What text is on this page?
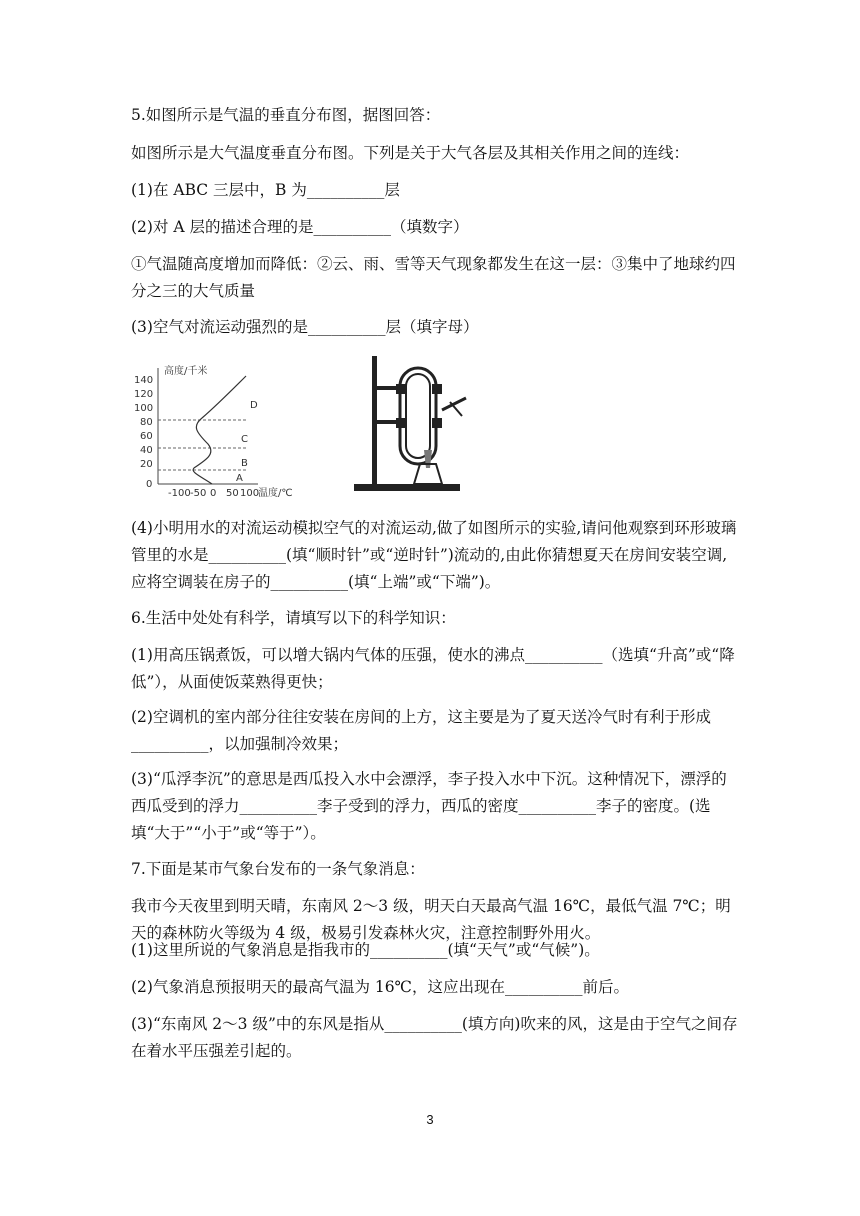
5.如图所示是气温的垂直分布图，据图回答：
如图所示是大气温度垂直分布图。下列是关于大气各层及其相关作用之间的连线：
(1)在 ABC 三层中，B 为__________层
(2)对 A 层的描述合理的是__________（填数字）
①气温随高度增加而降低：②云、雨、雪等天气现象都发生在这一层：③集中了地球约四分之三的大气质量
(3)空气对流运动强烈的是__________层（填字母）
高度/千米
温度/℃
140
120
100
80
60
40
20
0
-100 -50 0 50 100
D
C
B
A
(4)小明用水的对流运动模拟空气的对流运动,做了如图所示的实验,请问他观察到环形玻璃管里的水是__________(填“顺时针”或“逆时针”)流动的,由此你猜想夏天在房间安装空调,应将空调装在房子的__________(填“上端”或“下端”)。
6.生活中处处有科学，请填写以下的科学知识：
(1)用高压锅煮饭，可以增大锅内气体的压强，使水的沸点__________（选填“升高”或“降低”），从面使饭菜熟得更快；
(2)空调机的室内部分往往安装在房间的上方，这主要是为了夏天送冷气时有利于形成__________，以加强制冷效果；
(3)“瓜浮李沉”的意思是西瓜投入水中会漂浮，李子投入水中下沉。这种情况下，漂浮的西瓜受到的浮力__________李子受到的浮力，西瓜的密度__________李子的密度。(选填“大于”“小于”或“等于”）。
7.下面是某市气象台发布的一条气象消息：
我市今天夜里到明天晴，东南风 2～3 级，明天白天最高气温 16℃，最低气温 7℃；明天的森林防火等级为 4 级，极易引发森林火灾，注意控制野外用火。
(1)这里所说的气象消息是指我市的__________(填“天气”或“气候”)。
(2)气象消息预报明天的最高气温为 16℃，这应出现在__________前后。
(3)“东南风 2～3 级”中的东风是指从__________(填方向)吹来的风，这是由于空气之间存在着水平压强差引起的。
3
